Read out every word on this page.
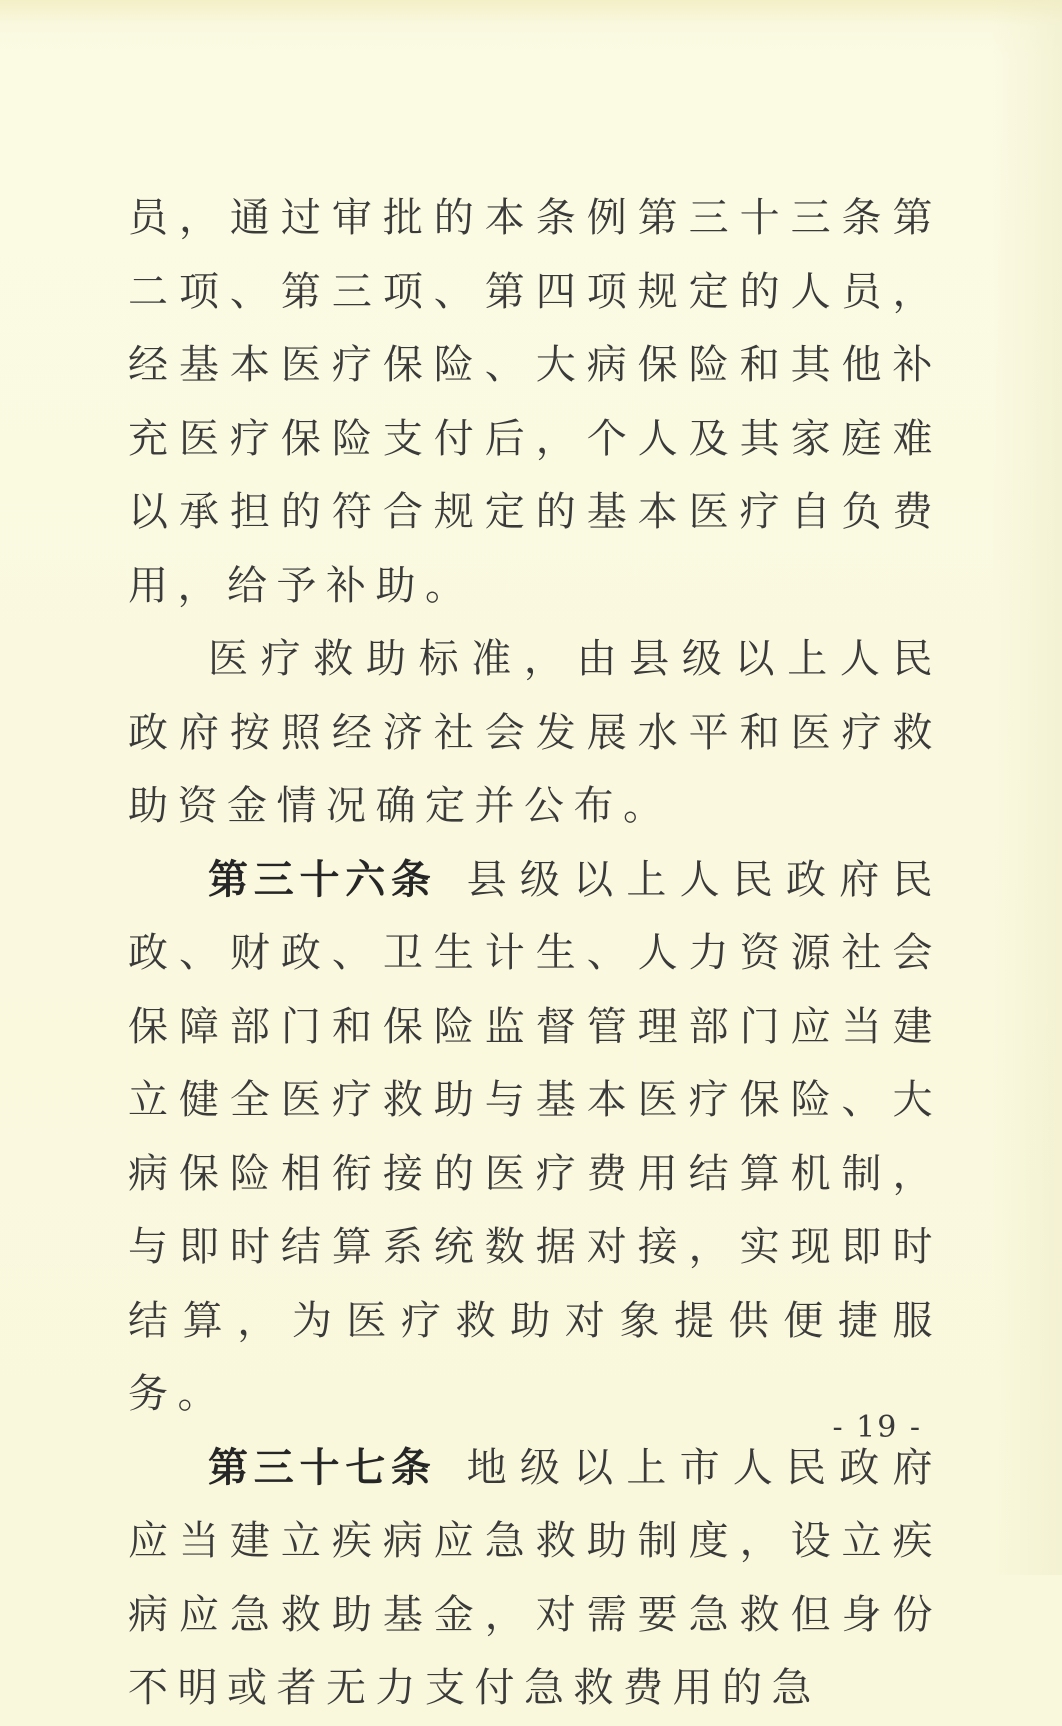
员，通过审批的本条例第三十三条第二项、第三项、第四项规定的人员，经基本医疗保险、大病保险和其他补充医疗保险支付后，个人及其家庭难以承担的符合规定的基本医疗自负费用，给予补助。

医疗救助标准，由县级以上人民政府按照经济社会发展水平和医疗救助资金情况确定并公布。

第三十六条 县级以上人民政府民政、财政、卫生计生、人力资源社会保障部门和保险监督管理部门应当建立健全医疗救助与基本医疗保险、大病保险相衔接的医疗费用结算机制，与即时结算系统数据对接，实现即时结算，为医疗救助对象提供便捷服务。

第三十七条 地级以上市人民政府应当建立疾病应急救助制度，设立疾病应急救助基金，对需要急救但身份不明或者无力支付急救费用的急

- 19 -
